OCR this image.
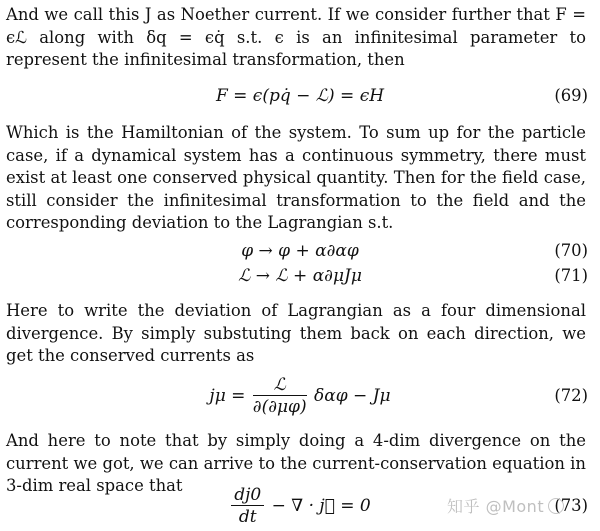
And we call this J as Noether current. If we consider further that F = ϵℒ along with δq = ϵq̇ s.t. ϵ is an infinitesimal parameter to represent the infinitesimal transformation, then

F = ϵ(pq̇ − ℒ) = ϵH	(69)

Which is the Hamiltonian of the system. To sum up for the particle case, if a dynamical system has a continuous symmetry, there must exist at least one conserved physical quantity. Then for the field case, still consider the infinitesimal transformation to the field and the corresponding deviation to the Lagrangian s.t.

φ → φ + α∂αφ	(70)
ℒ → ℒ + α∂μJμ	(71)

Here to write the deviation of Lagrangian as a four dimensional divergence. By simply substuting them back on each direction, we get the conserved currents as

$j\mu = \frac{\text{ℒ}}{\partial(\partial\mu\varphi)}$ δαφ − Jμ	(72)

And here to note that by simply doing a 4-dim divergence on the current we got, we can arrive to the current-conservation equation in 3-dim real space that	$\frac{dj0}{dt}$ − ∇ · j⃗ = 0	(73)
知乎 @Mont
